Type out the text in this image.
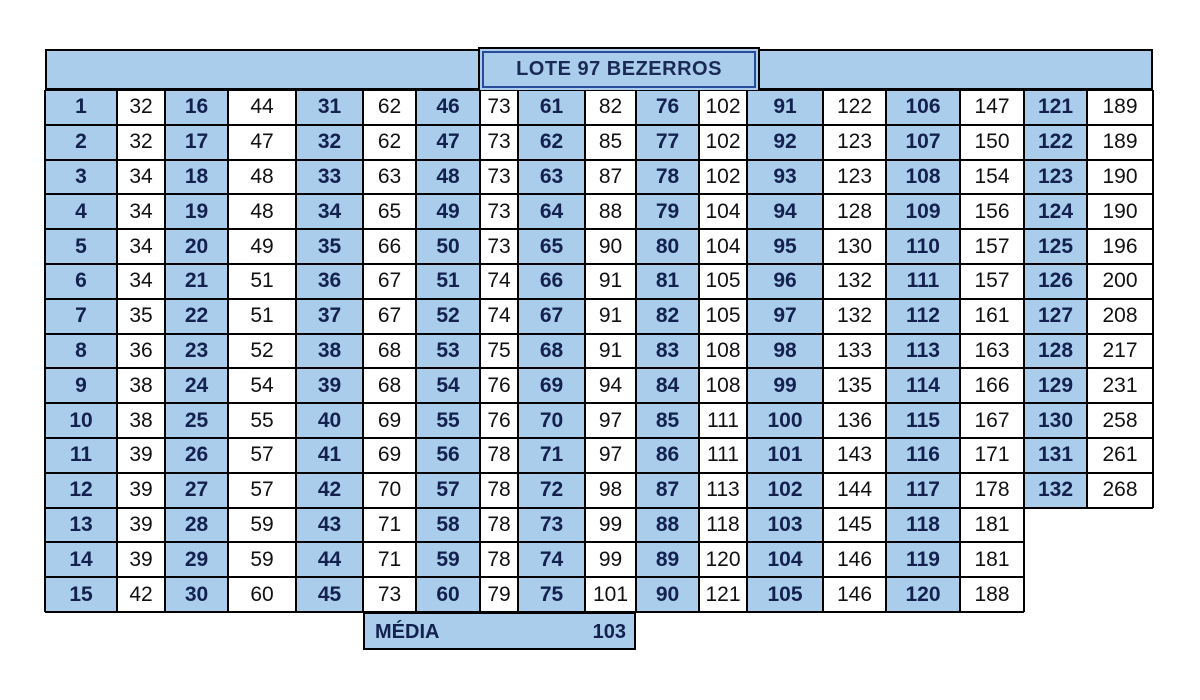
LOTE 97 BEZERROS
1	32
2	32
3	34
4	34
5	34
6	34
7	35
8	36
9	38
10	38
11	39
12	39
13	39
14	39
15	42
16	44
17	47
18	48
19	48
20	49
21	51
22	51
23	52
24	54
25	55
26	57
27	57
28	59
29	59
30	60
31	62
32	62
33	63
34	65
35	66
36	67
37	67
38	68
39	68
40	69
41	69
42	70
43	71
44	71
45	73
46	73
47	73
48	73
49	73
50	73
51	74
52	74
53	75
54	76
55	76
56	78
57	78
58	78
59	78
60	79
61	82
62	85
63	87
64	88
65	90
66	91
67	91
68	91
69	94
70	97
71	97
72	98
73	99
74	99
75	101
76	102
77	102
78	102
79	104
80	104
81	105
82	105
83	108
84	108
85	111
86	111
87	113
88	118
89	120
90	121
91	122
92	123
93	123
94	128
95	130
96	132
97	132
98	133
99	135
100	136
101	143
102	144
103	145
104	146
105	146
106	147
107	150
108	154
109	156
110	157
111	157
112	161
113	163
114	166
115	167
116	171
117	178
118	181
119	181
120	188
121	189
122	189
123	190
124	190
125	196
126	200
127	208
128	217
129	231
130	258
131	261
132	268
MÉDIA	103
